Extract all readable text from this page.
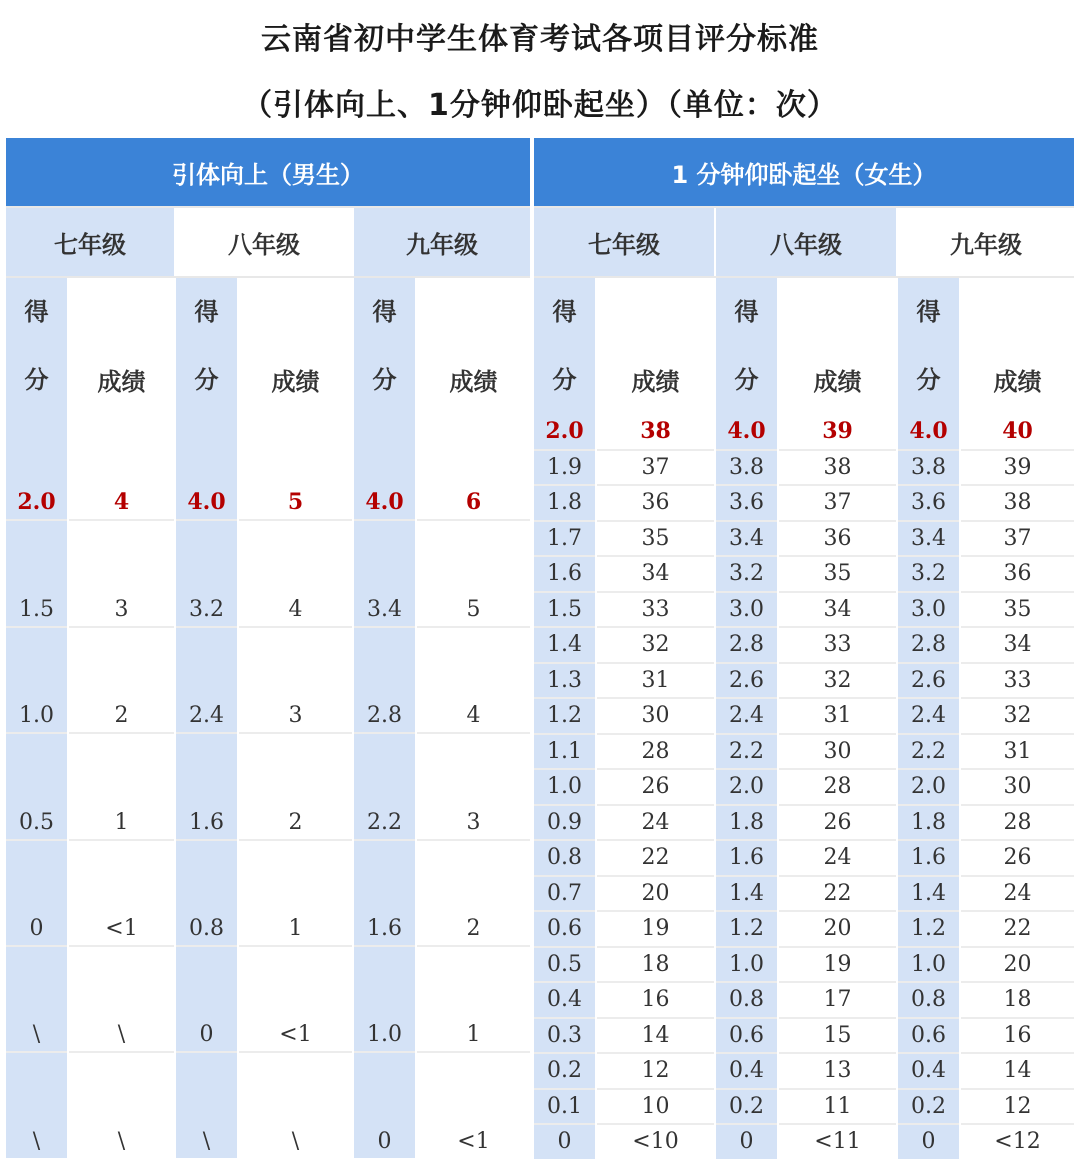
云南省初中学生体育考试各项目评分标准
（引体向上、1分钟仰卧起坐）（单位：次）
引体向上（男生）
七年级	八年级	九年级
得
分 成绩
得
分 成绩
得
分 成绩
2.0	4	4.0	5	4.0	6
1.5	3	3.2	4	3.4	5
1.0	2	2.4	3	2.8	4
0.5	1	1.6	2	2.2	3
0	<1	0.8	1	1.6	2
\	\	0	<1	1.0	1
\	\	\	\	0	<1
1 分钟仰卧起坐（女生）
七年级	八年级	九年级
得
分 成绩
得
分 成绩
得
分 成绩
2.0	38	4.0	39	4.0	40
1.9	37	3.8	38	3.8	39
1.8	36	3.6	37	3.6	38
1.7	35	3.4	36	3.4	37
1.6	34	3.2	35	3.2	36
1.5	33	3.0	34	3.0	35
1.4	32	2.8	33	2.8	34
1.3	31	2.6	32	2.6	33
1.2	30	2.4	31	2.4	32
1.1	28	2.2	30	2.2	31
1.0	26	2.0	28	2.0	30
0.9	24	1.8	26	1.8	28
0.8	22	1.6	24	1.6	26
0.7	20	1.4	22	1.4	24
0.6	19	1.2	20	1.2	22
0.5	18	1.0	19	1.0	20
0.4	16	0.8	17	0.8	18
0.3	14	0.6	15	0.6	16
0.2	12	0.4	13	0.4	14
0.1	10	0.2	11	0.2	12
0	<10	0	<11	0	<12
